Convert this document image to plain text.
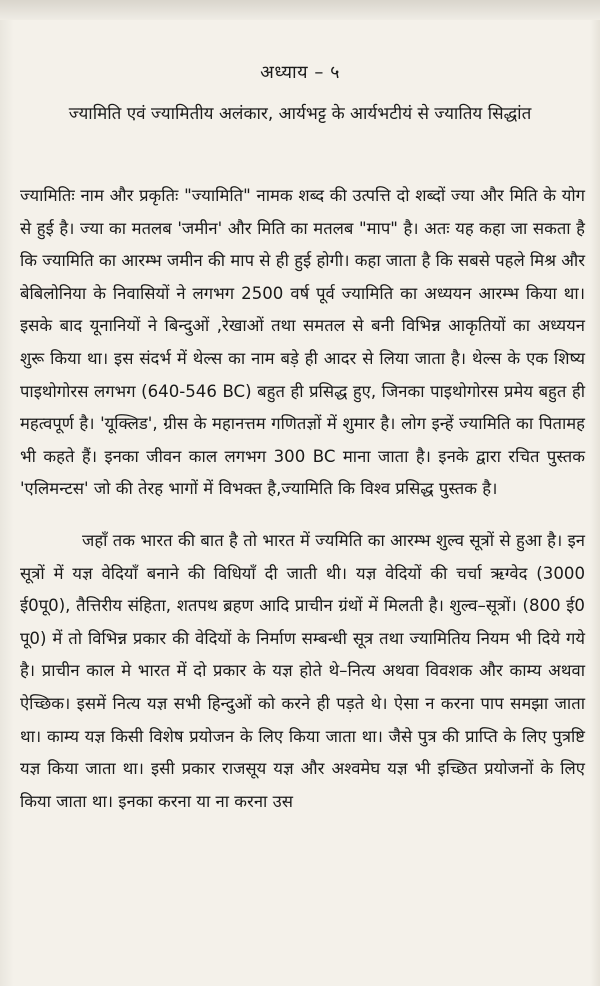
अध्याय – ५
ज्यामिति एवं ज्यामितीय अलंकार, आर्यभट्ट के आर्यभटीयं से ज्यातिय सिद्धांत

ज्यामितिः नाम और प्रकृतिः "ज्यामिति" नामक शब्द की उत्पत्ति दो शब्दों ज्या और मिति के योग से हुई है। ज्या का मतलब 'जमीन' और मिति का मतलब "माप" है। अतः यह कहा जा सकता है कि ज्यामिति का आरम्भ जमीन की माप से ही हुई होगी। कहा जाता है कि सबसे पहले मिश्र और बेबिलोनिया के निवासियों ने लगभग 2500 वर्ष पूर्व ज्यामिति का अध्ययन आरम्भ किया था। इसके बाद यूनानियों ने बिन्दुओं ,रेखाओं तथा समतल से बनी विभिन्न आकृतियों का अध्ययन शुरू किया था। इस संदर्भ में थेल्स का नाम बड़े ही आदर से लिया जाता है। थेल्स के एक शिष्य पाइथोगोरस लगभग (640-546 BC) बहुत ही प्रसिद्ध हुए, जिनका पाइथोगोरस प्रमेय बहुत ही महत्वपूर्ण है। 'यूक्लिड', ग्रीस के महानत्तम गणितज्ञों में शुमार है। लोग इन्हें ज्यामिति का पितामह भी कहते हैं। इनका जीवन काल लगभग 300 BC माना जाता है। इनके द्वारा रचित पुस्तक 'एलिमन्टस' जो की तेरह भागों में विभक्त है,ज्यामिति कि विश्व प्रसिद्ध पुस्तक है।

जहाँ तक भारत की बात है तो भारत में ज्यमिति का आरम्भ शुल्व सूत्रों से हुआ है। इन सूत्रों में यज्ञ वेदियाँ बनाने की विधियाँ दी जाती थी। यज्ञ वेदियों की चर्चा ऋग्वेद (3000 ई0पू0), तैत्तिरीय संहिता, शतपथ ब्रहण आदि प्राचीन ग्रंथों में मिलती है। शुल्व–सूत्रों। (800 ई0 पू0) में तो विभिन्न प्रकार की वेदियों के निर्माण सम्बन्धी सूत्र तथा ज्यामितिय नियम भी दिये गये है। प्राचीन काल मे भारत में दो प्रकार के यज्ञ होते थे–नित्य अथवा विवशक और काम्य अथवा ऐच्छिक। इसमें नित्य यज्ञ सभी हिन्दुओं को करने ही पड़ते थे। ऐसा न करना पाप समझा जाता था। काम्य यज्ञ किसी विशेष प्रयोजन के लिए किया जाता था। जैसे पुत्र की प्राप्ति के लिए पुत्रष्टि यज्ञ किया जाता था। इसी प्रकार राजसूय यज्ञ और अश्वमेघ यज्ञ भी इच्छित प्रयोजनों के लिए किया जाता था। इनका करना या ना करना उस
